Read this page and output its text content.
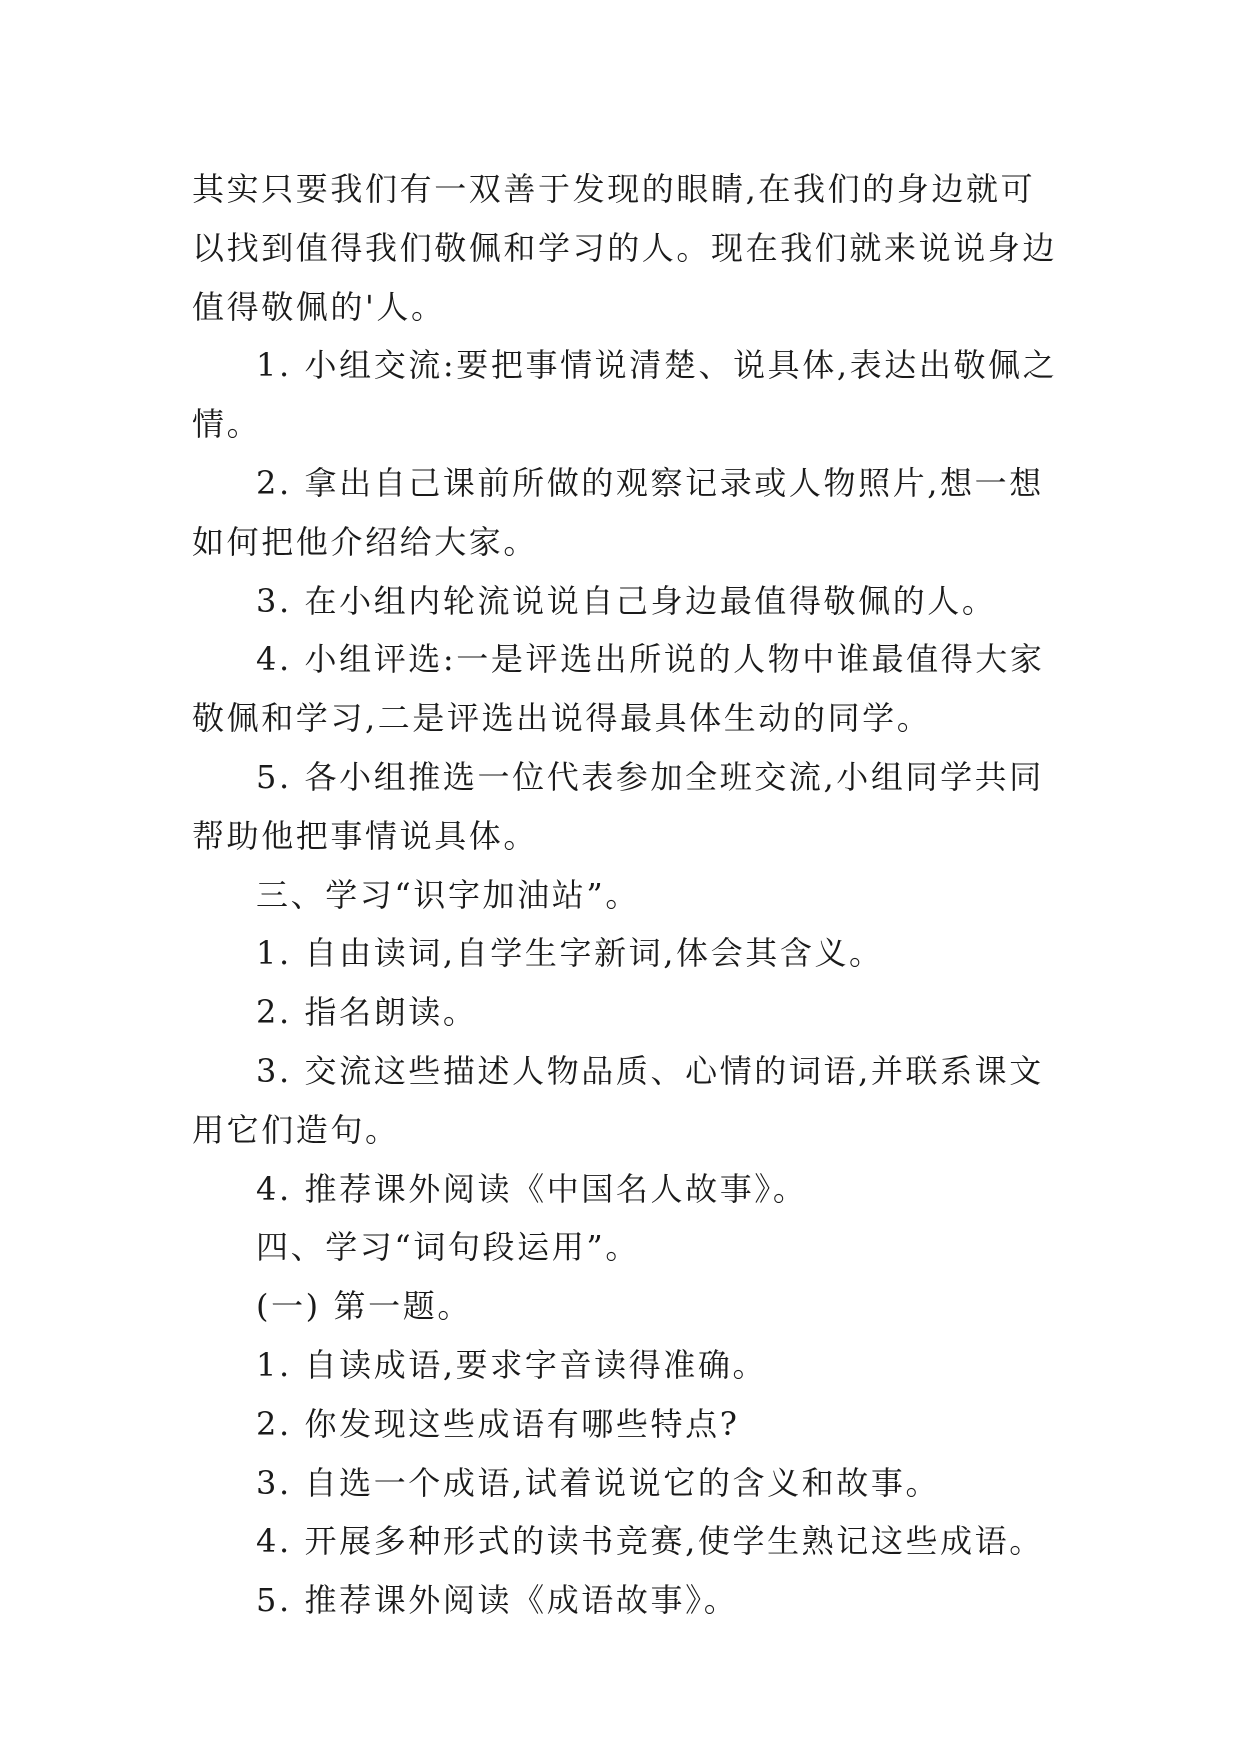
其实只要我们有一双善于发现的眼睛,在我们的身边就可以找到值得我们敬佩和学习的人。现在我们就来说说身边值得敬佩的'人。

1. 小组交流:要把事情说清楚、说具体,表达出敬佩之情。

2. 拿出自己课前所做的观察记录或人物照片,想一想如何把他介绍给大家。

3. 在小组内轮流说说自己身边最值得敬佩的人。

4. 小组评选:一是评选出所说的人物中谁最值得大家敬佩和学习,二是评选出说得最具体生动的同学。

5. 各小组推选一位代表参加全班交流,小组同学共同帮助他把事情说具体。

三、学习“识字加油站”。

1. 自由读词,自学生字新词,体会其含义。

2. 指名朗读。

3. 交流这些描述人物品质、心情的词语,并联系课文用它们造句。

4. 推荐课外阅读《中国名人故事》。

四、学习“词句段运用”。

(一) 第一题。

1. 自读成语,要求字音读得准确。

2. 你发现这些成语有哪些特点?

3. 自选一个成语,试着说说它的含义和故事。

4. 开展多种形式的读书竞赛,使学生熟记这些成语。

5. 推荐课外阅读《成语故事》。
